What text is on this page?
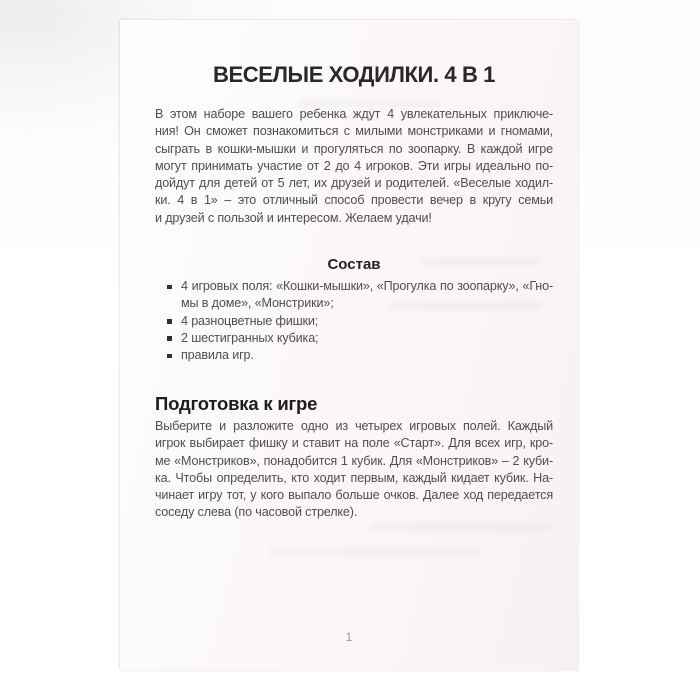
ВЕСЕЛЫЕ ХОДИЛКИ. 4 В 1
В этом наборе вашего ребенка ждут 4 увлекательных приключе-
ния! Он сможет познакомиться с милыми монстриками и гномами,
сыграть в кошки-мышки и прогуляться по зоопарку. В каждой игре
могут принимать участие от 2 до 4 игроков. Эти игры идеально по-
дойдут для детей от 5 лет, их друзей и родителей. «Веселые ходил-
ки. 4 в 1» – это отличный способ провести вечер в кругу семьи
и друзей с пользой и интересом. Желаем удачи!
Состав
4 игровых поля: «Кошки-мышки», «Прогулка по зоопарку», «Гно-
мы в доме», «Монстрики»;
4 разноцветные фишки;
2 шестигранных кубика;
правила игр.
Подготовка к игре
Выберите и разложите одно из четырех игровых полей. Каждый
игрок выбирает фишку и ставит на поле «Старт». Для всех игр, кро-
ме «Монстриков», понадобится 1 кубик. Для «Монстриков» – 2 куби-
ка. Чтобы определить, кто ходит первым, каждый кидает кубик. На-
чинает игру тот, у кого выпало больше очков. Далее ход передается
соседу слева (по часовой стрелке).
1
